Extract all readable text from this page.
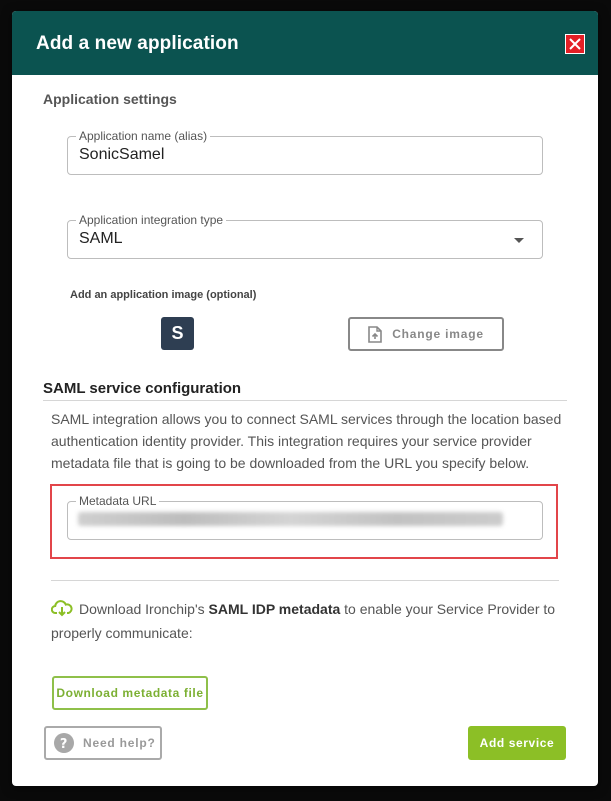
Add a new application
Application settings
Application name (alias)
SonicSamel
Application integration type
SAML
Add an application image (optional)
S	Change image
SAML service configuration
SAML integration allows you to connect SAML services through the location based
authentication identity provider. This integration requires your service provider
metadata file that is going to be downloaded from the URL you specify below.
Metadata URL
Download Ironchip's SAML IDP metadata to enable your Service Provider to
properly communicate:
Download metadata file
? Need help?	Add service
